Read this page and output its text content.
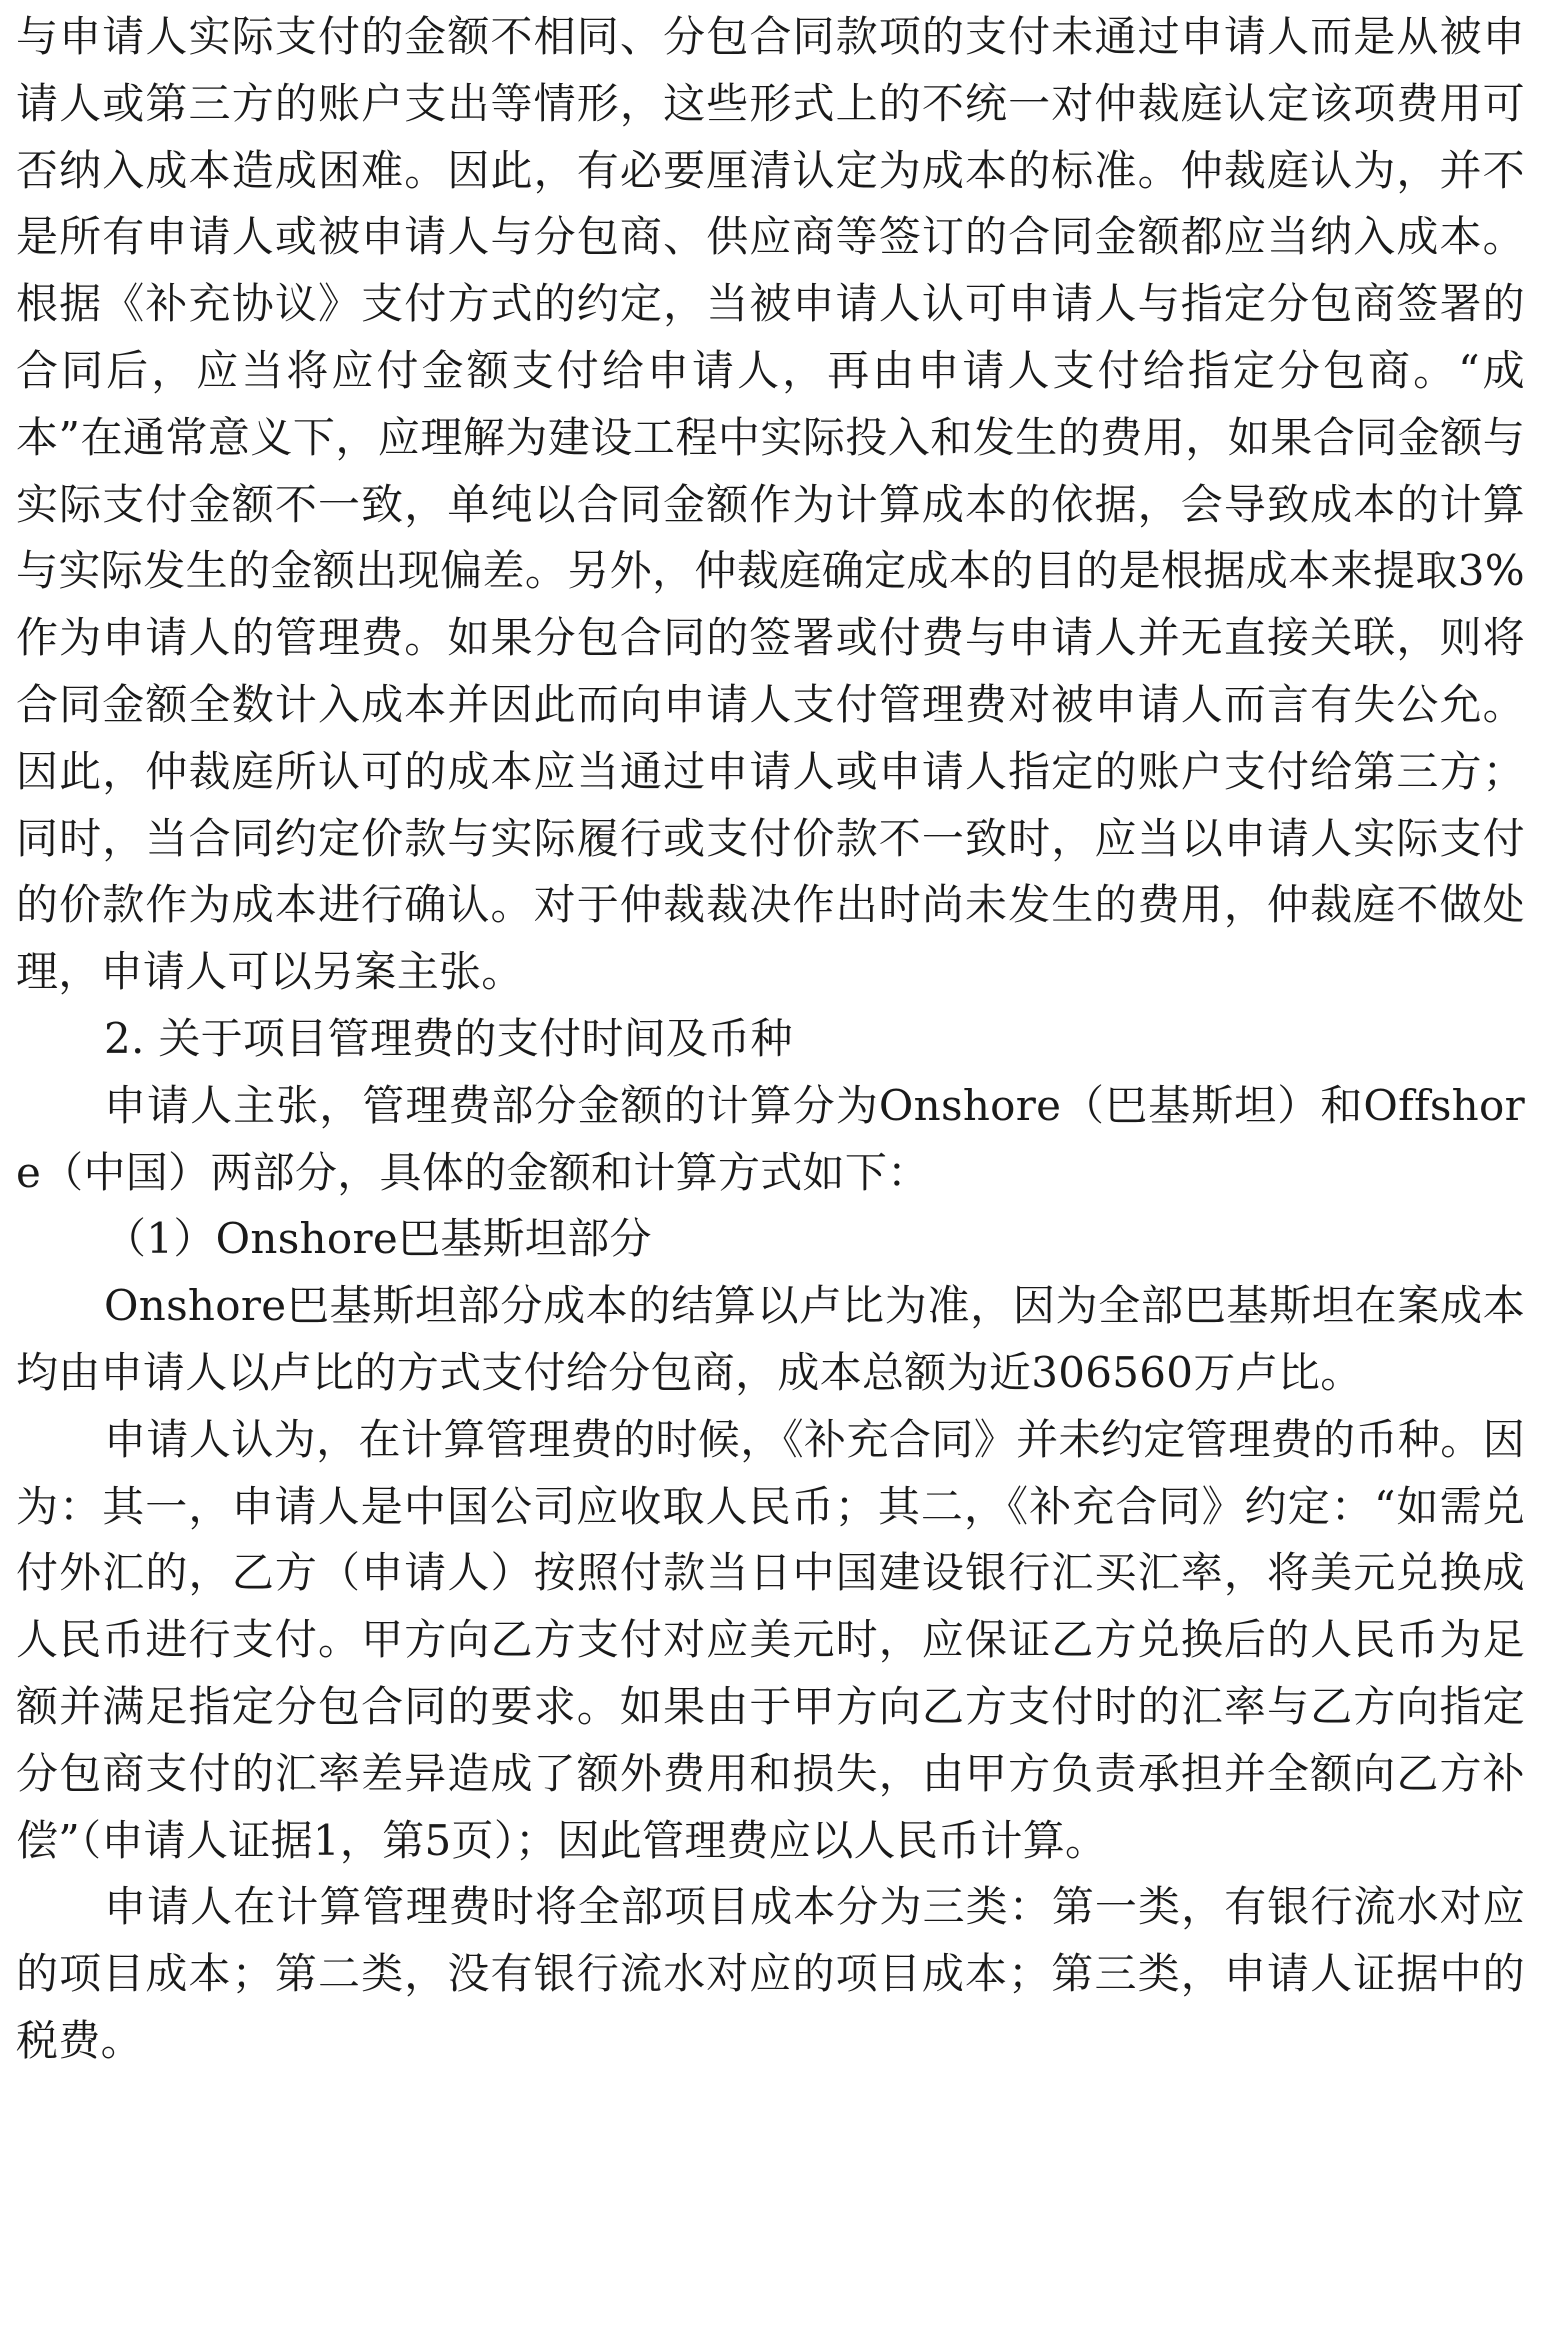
与申请人实际支付的金额不相同、分包合同款项的支付未通过申请人而是从被申请人或第三方的账户支出等情形，这些形式上的不统一对仲裁庭认定该项费用可否纳入成本造成困难。因此，有必要厘清认定为成本的标准。仲裁庭认为，并不是所有申请人或被申请人与分包商、供应商等签订的合同金额都应当纳入成本。根据《补充协议》支付方式的约定，当被申请人认可申请人与指定分包商签署的合同后，应当将应付金额支付给申请人，再由申请人支付给指定分包商。“成本”在通常意义下，应理解为建设工程中实际投入和发生的费用，如果合同金额与实际支付金额不一致，单纯以合同金额作为计算成本的依据，会导致成本的计算与实际发生的金额出现偏差。另外，仲裁庭确定成本的目的是根据成本来提取3%作为申请人的管理费。如果分包合同的签署或付费与申请人并无直接关联，则将合同金额全数计入成本并因此而向申请人支付管理费对被申请人而言有失公允。因此，仲裁庭所认可的成本应当通过申请人或申请人指定的账户支付给第三方；同时，当合同约定价款与实际履行或支付价款不一致时，应当以申请人实际支付的价款作为成本进行确认。对于仲裁裁决作出时尚未发生的费用，仲裁庭不做处理，申请人可以另案主张。

2. 关于项目管理费的支付时间及币种

申请人主张，管理费部分金额的计算分为Onshore（巴基斯坦）和Offshore（中国）两部分，具体的金额和计算方式如下：

（1）Onshore巴基斯坦部分

Onshore巴基斯坦部分成本的结算以卢比为准，因为全部巴基斯坦在案成本均由申请人以卢比的方式支付给分包商，成本总额为近306560万卢比。

申请人认为，在计算管理费的时候，《补充合同》并未约定管理费的币种。因为：其一，申请人是中国公司应收取人民币；其二，《补充合同》约定：“如需兑付外汇的，乙方（申请人）按照付款当日中国建设银行汇买汇率，将美元兑换成人民币进行支付。甲方向乙方支付对应美元时，应保证乙方兑换后的人民币为足额并满足指定分包合同的要求。如果由于甲方向乙方支付时的汇率与乙方向指定分包商支付的汇率差异造成了额外费用和损失，由甲方负责承担并全额向乙方补偿”（申请人证据1，第5页）；因此管理费应以人民币计算。

申请人在计算管理费时将全部项目成本分为三类：第一类，有银行流水对应的项目成本；第二类，没有银行流水对应的项目成本；第三类，申请人证据中的税费。
